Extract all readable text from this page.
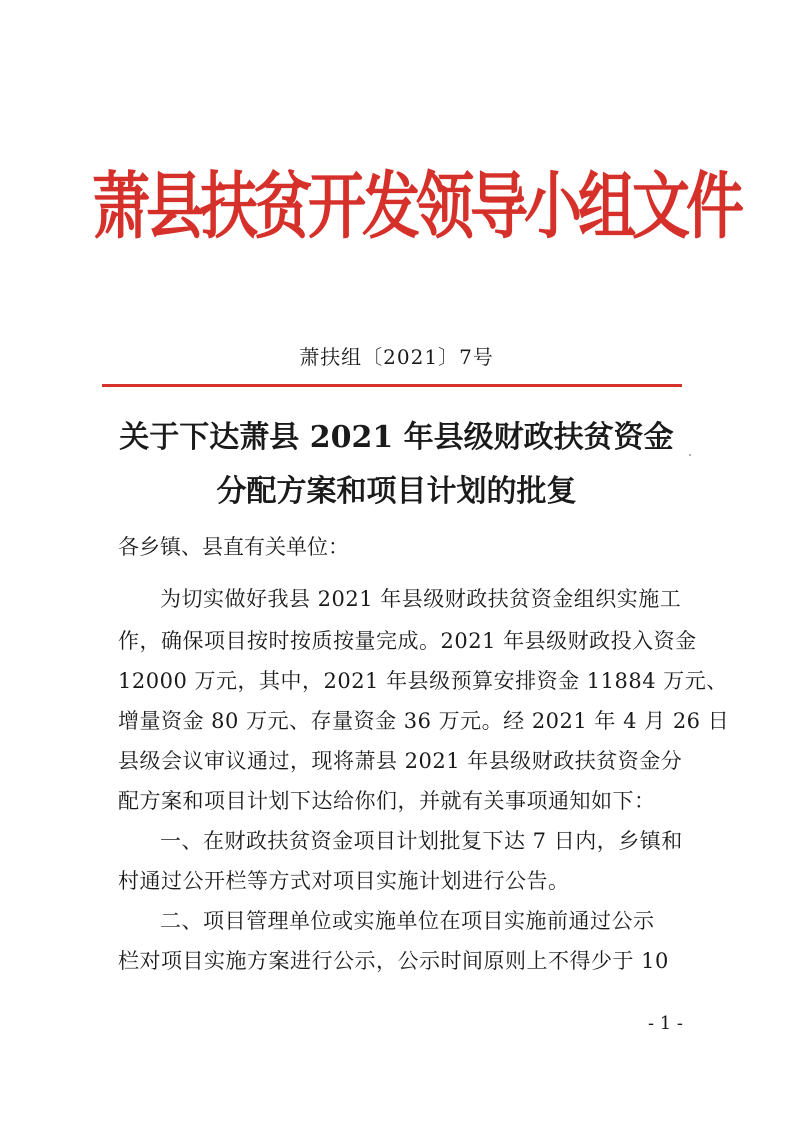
萧县扶贫开发领导小组文件
萧扶组〔2021〕7号
关于下达萧县 2021 年县级财政扶贫资金
分配方案和项目计划的批复
各乡镇、县直有关单位：
为切实做好我县 2021 年县级财政扶贫资金组织实施工
作，确保项目按时按质按量完成。2021 年县级财政投入资金
12000 万元，其中，2021 年县级预算安排资金 11884 万元、
增量资金 80 万元、存量资金 36 万元。经 2021 年 4 月 26 日
县级会议审议通过，现将萧县 2021 年县级财政扶贫资金分
配方案和项目计划下达给你们，并就有关事项通知如下：
一、在财政扶贫资金项目计划批复下达 7 日内，乡镇和
村通过公开栏等方式对项目实施计划进行公告。
二、项目管理单位或实施单位在项目实施前通过公示
栏对项目实施方案进行公示，公示时间原则上不得少于 10
- 1 -
